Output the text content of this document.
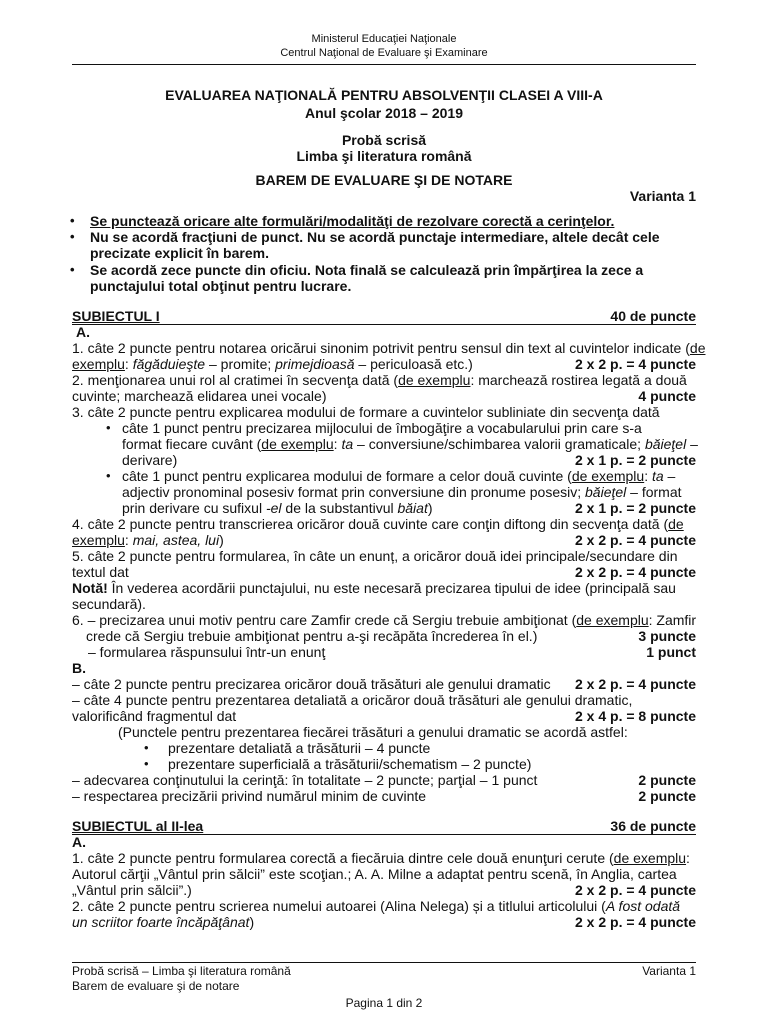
Ministerul Educaţiei Naţionale
Centrul Naţional de Evaluare şi Examinare
EVALUAREA NAŢIONALĂ PENTRU ABSOLVENŢII CLASEI A VIII-A
Anul şcolar 2018 – 2019
Probă scrisă
Limba şi literatura română
BAREM DE EVALUARE ŞI DE NOTARE
Varianta 1
• Se punctează oricare alte formulări/modalităţi de rezolvare corectă a cerinţelor.
• Nu se acordă fracţiuni de punct. Nu se acordă punctaje intermediare, altele decât cele
precizate explicit în barem.
• Se acordă zece puncte din oficiu. Nota finală se calculează prin împărţirea la zece a
punctajului total obţinut pentru lucrare.
SUBIECTUL I	40 de puncte
A.
1. câte 2 puncte pentru notarea oricărui sinonim potrivit pentru sensul din text al cuvintelor indicate (de
exemplu: făgăduieşte – promite; primejdioasă – periculoasă etc.)	2 x 2 p. = 4 puncte
2. menţionarea unui rol al cratimei în secvenţa dată (de exemplu: marchează rostirea legată a două
cuvinte; marchează elidarea unei vocale)	4 puncte
3. câte 2 puncte pentru explicarea modului de formare a cuvintelor subliniate din secvenţa dată
• câte 1 punct pentru precizarea mijlocului de îmbogăţire a vocabularului prin care s-a
format fiecare cuvânt (de exemplu: ta – conversiune/schimbarea valorii gramaticale; băieţel –
derivare)	2 x 1 p. = 2 puncte
• câte 1 punct pentru explicarea modului de formare a celor două cuvinte (de exemplu: ta –
adjectiv pronominal posesiv format prin conversiune din pronume posesiv; băieţel – format
prin derivare cu sufixul -el de la substantivul băiat)	2 x 1 p. = 2 puncte
4. câte 2 puncte pentru transcrierea oricăror două cuvinte care conţin diftong din secvenţa dată (de
exemplu: mai, astea, lui)	2 x 2 p. = 4 puncte
5. câte 2 puncte pentru formularea, în câte un enunț, a oricăror două idei principale/secundare din
textul dat	2 x 2 p. = 4 puncte
Notă! În vederea acordării punctajului, nu este necesară precizarea tipului de idee (principală sau
secundară).
6. – precizarea unui motiv pentru care Zamfir crede că Sergiu trebuie ambiţionat (de exemplu: Zamfir
crede că Sergiu trebuie ambiţionat pentru a-şi recăpăta încrederea în el.)	3 puncte
– formularea răspunsului într-un enunţ	1 punct
B.
– câte 2 puncte pentru precizarea oricăror două trăsături ale genului dramatic 2 x 2 p. = 4 puncte
– câte 4 puncte pentru prezentarea detaliată a oricăror două trăsături ale genului dramatic,
valorificând fragmentul dat	2 x 4 p. = 8 puncte
(Punctele pentru prezentarea fiecărei trăsături a genului dramatic se acordă astfel:
• prezentare detaliată a trăsăturii – 4 puncte
• prezentare superficială a trăsăturii/schematism – 2 puncte)
– adecvarea conţinutului la cerinţă: în totalitate – 2 puncte; parţial – 1 punct	2 puncte
– respectarea precizării privind numărul minim de cuvinte	2 puncte
SUBIECTUL al II-lea	36 de puncte
A.
1. câte 2 puncte pentru formularea corectă a fiecăruia dintre cele două enunţuri cerute (de exemplu:
Autorul cărţii „Vântul prin sălcii” este scoţian.; A. A. Milne a adaptat pentru scenă, în Anglia, cartea
„Vântul prin sălcii”.)	2 x 2 p. = 4 puncte
2. câte 2 puncte pentru scrierea numelui autoarei (Alina Nelega) și a titlului articolului (A fost odată
un scriitor foarte încăpăţânat)	2 x 2 p. = 4 puncte
Probă scrisă – Limba şi literatura română	Varianta 1
Barem de evaluare şi de notare
Pagina 1 din 2
